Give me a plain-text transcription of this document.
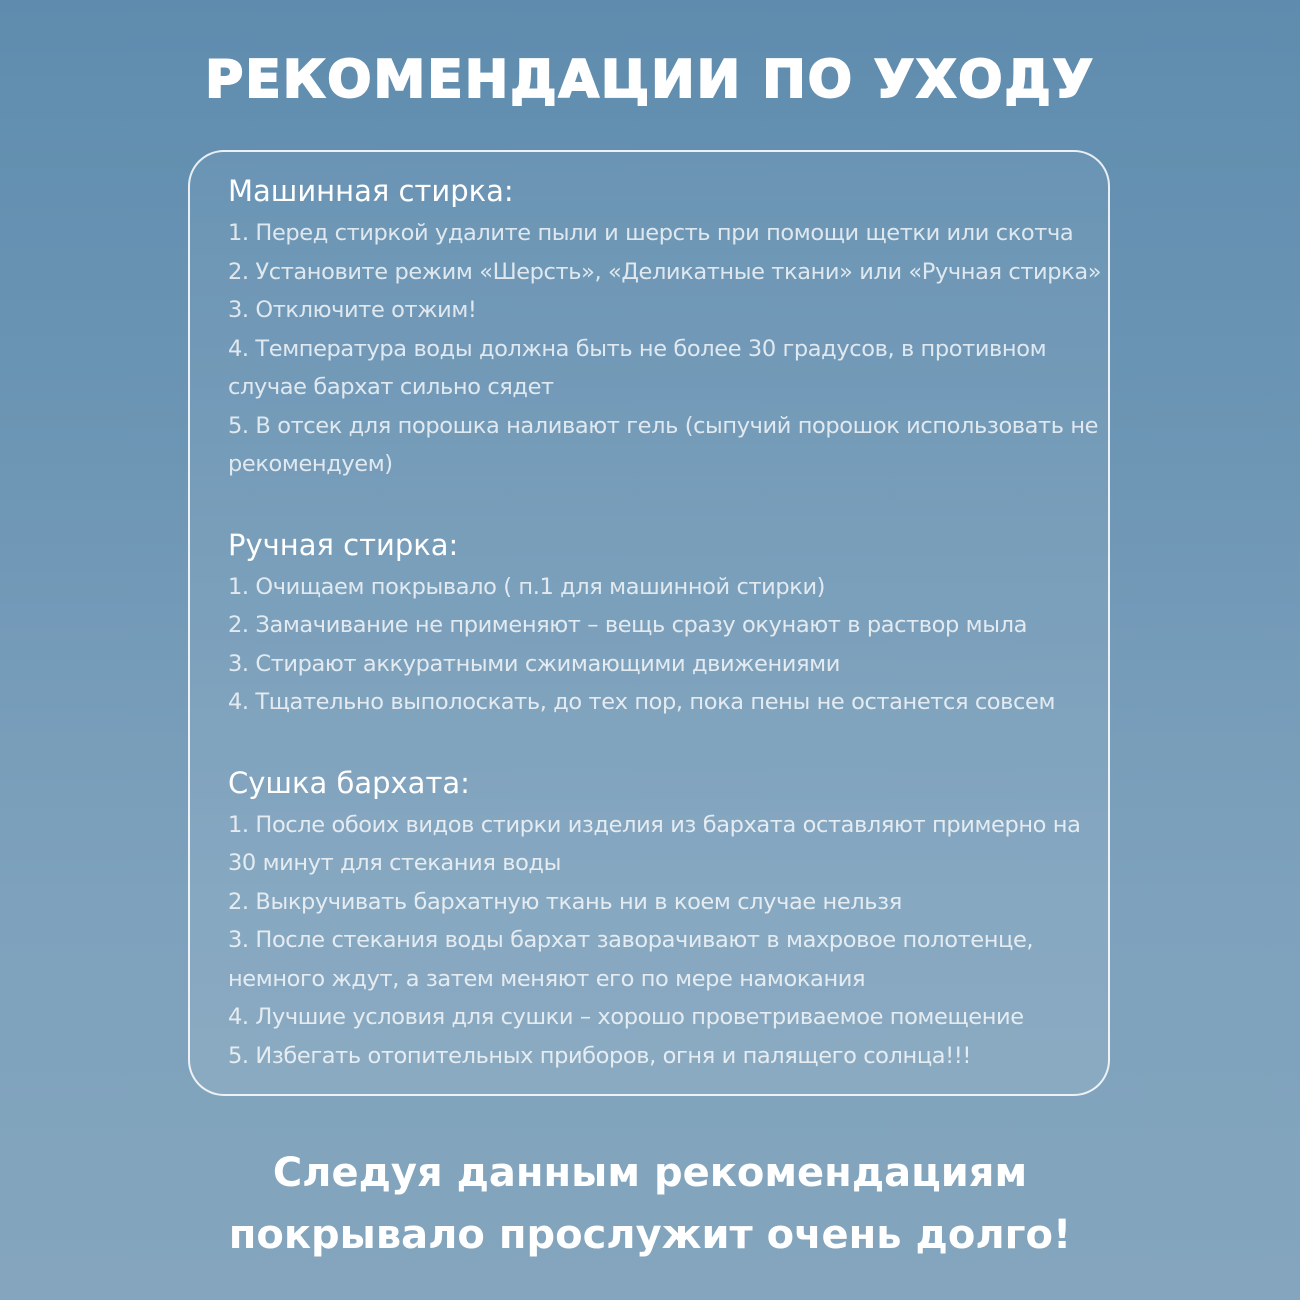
РЕКОМЕНДАЦИИ ПО УХОДУ
Машинная стирка:
1. Перед стиркой удалите пыли и шерсть при помощи щетки или скотча
2. Установите режим «Шерсть», «Деликатные ткани» или «Ручная стирка»
3. Отключите отжим!
4. Температура воды должна быть не более 30 градусов, в противном случае бархат сильно сядет
5. В отсек для порошка наливают гель (сыпучий порошок использовать не рекомендуем)
Ручная стирка:
1. Очищаем покрывало ( п.1 для машинной стирки)
2. Замачивание не применяют – вещь сразу окунают в раствор мыла
3. Стирают аккуратными сжимающими движениями
4. Тщательно выполоскать, до тех пор, пока пены не останется совсем
Сушка бархата:
1. После обоих видов стирки изделия из бархата оставляют примерно на 30 минут для стекания воды
2. Выкручивать бархатную ткань ни в коем случае нельзя
3. После стекания воды бархат заворачивают в махровое полотенце, немного ждут, а затем меняют его по мере намокания
4. Лучшие условия для сушки – хорошо проветриваемое помещение
5. Избегать отопительных приборов, огня и палящего солнца!!!
Следуя данным рекомендациям
покрывало прослужит очень долго!
